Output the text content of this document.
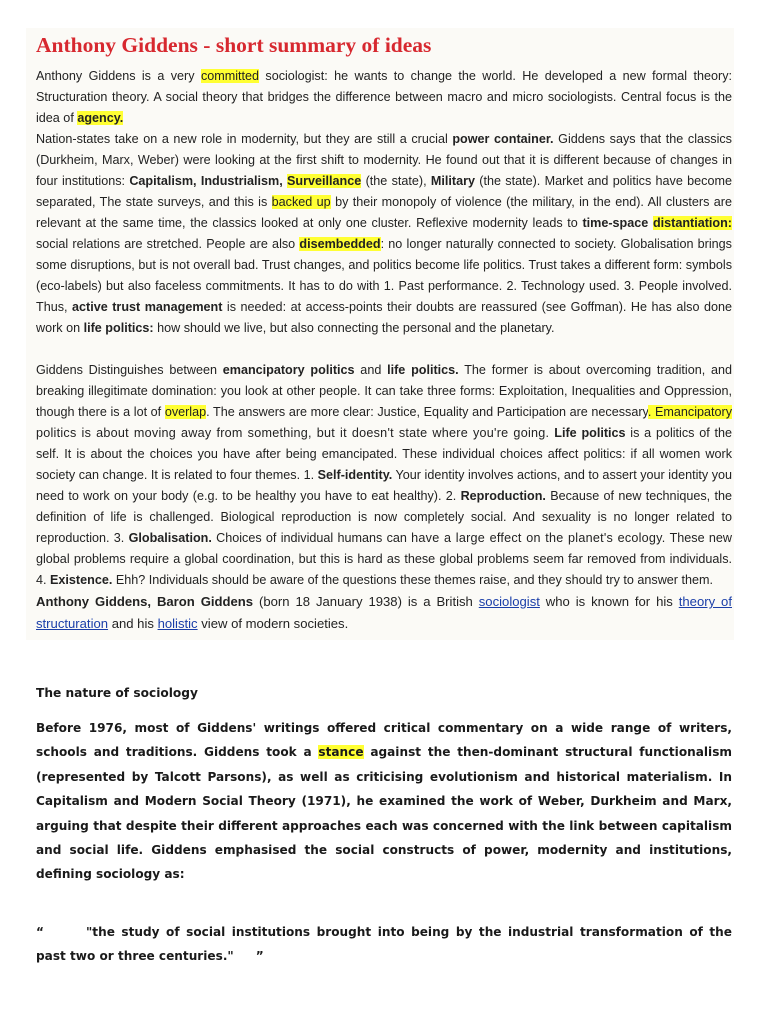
Anthony Giddens - short summary of ideas

Anthony Giddens is a very committed sociologist: he wants to change the world. He developed a new formal theory: Structuration theory. A social theory that bridges the difference between macro and micro sociologists. Central focus is the idea of agency.
Nation-states take on a new role in modernity, but they are still a crucial power container. Giddens says that the classics (Durkheim, Marx, Weber) were looking at the first shift to modernity. He found out that it is different because of changes in four institutions: Capitalism, Industrialism, Surveillance (the state), Military (the state). Market and politics have become separated, The state surveys, and this is backed up by their monopoly of violence (the military, in the end). All clusters are relevant at the same time, the classics looked at only one cluster. Reflexive modernity leads to time-space distantiation: social relations are stretched. People are also disembedded: no longer naturally connected to society. Globalisation brings some disruptions, but is not overall bad. Trust changes, and politics become life politics. Trust takes a different form: symbols (eco-labels) but also faceless commitments. It has to do with 1. Past performance. 2. Technology used. 3. People involved. Thus, active trust management is needed: at access-points their doubts are reassured (see Goffman). He has also done work on life politics: how should we live, but also connecting the personal and the planetary.

Giddens Distinguishes between emancipatory politics and life politics. The former is about overcoming tradition, and breaking illegitimate domination: you look at other people. It can take three forms: Exploitation, Inequalities and Oppression, though there is a lot of overlap. The answers are more clear: Justice, Equality and Participation are necessary. Emancipatory politics is about moving away from something, but it doesn't state where you're going. Life politics is a politics of the self. It is about the choices you have after being emancipated. These individual choices affect politics: if all women work society can change. It is related to four themes. 1. Self-identity. Your identity involves actions, and to assert your identity you need to work on your body (e.g. to be healthy you have to eat healthy). 2. Reproduction. Because of new techniques, the definition of life is challenged. Biological reproduction is now completely social. And sexuality is no longer related to reproduction. 3. Globalisation. Choices of individual humans can have a large effect on the planet's ecology. These new global problems require a global coordination, but this is hard as these global problems seem far removed from individuals. 4. Existence. Ehh? Individuals should be aware of the questions these themes raise, and they should try to answer them.

Anthony Giddens, Baron Giddens (born 18 January 1938) is a British sociologist who is known for his theory of structuration and his holistic view of modern societies.

The nature of sociology

Before 1976, most of Giddens' writings offered critical commentary on a wide range of writers, schools and traditions. Giddens took a stance against the then-dominant structural functionalism (represented by Talcott Parsons), as well as criticising evolutionism and historical materialism. In Capitalism and Modern Social Theory (1971), he examined the work of Weber, Durkheim and Marx, arguing that despite their different approaches each was concerned with the link between capitalism and social life. Giddens emphasised the social constructs of power, modernity and institutions, defining sociology as:

“	"the study of social institutions brought into being by the industrial transformation of the past two or three centuries." ”
